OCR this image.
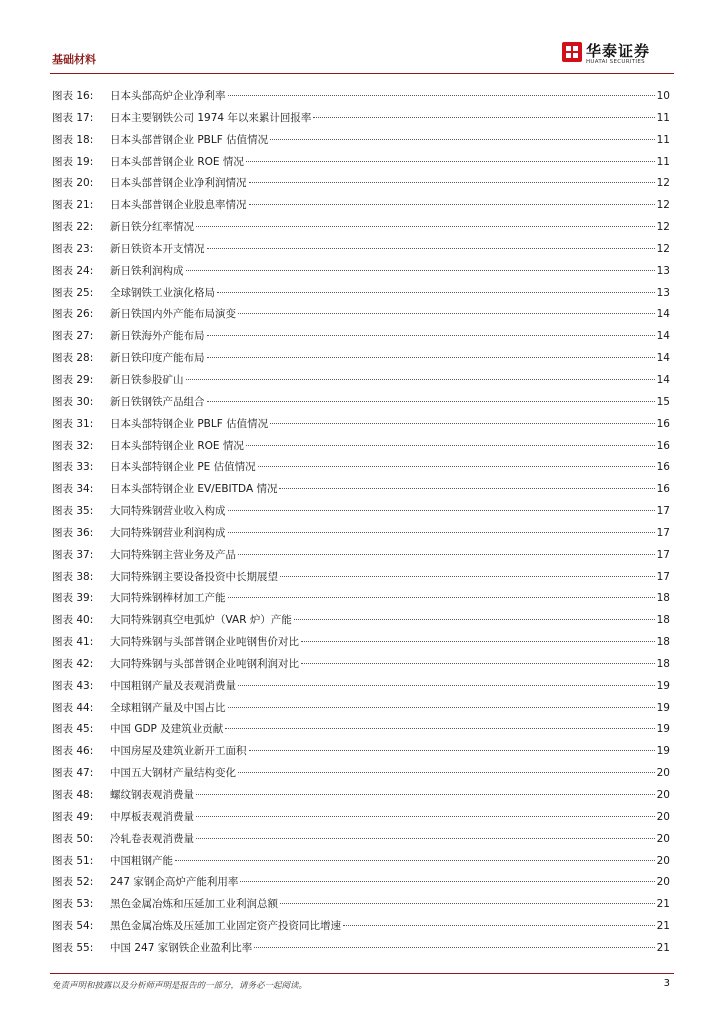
基础材料	华泰证券
HUATAI SECURITIES
图表 16:	日本头部高炉企业净利率	10
图表 17:	日本主要钢铁公司 1974 年以来累计回报率	11
图表 18:	日本头部普钢企业 PBLF 估值情况	11
图表 19:	日本头部普钢企业 ROE 情况	11
图表 20:	日本头部普钢企业净利润情况	12
图表 21:	日本头部普钢企业股息率情况	12
图表 22:	新日铁分红率情况	12
图表 23:	新日铁资本开支情况	12
图表 24:	新日铁利润构成	13
图表 25:	全球钢铁工业演化格局	13
图表 26:	新日铁国内外产能布局演变	14
图表 27:	新日铁海外产能布局	14
图表 28:	新日铁印度产能布局	14
图表 29:	新日铁参股矿山	14
图表 30:	新日铁钢铁产品组合	15
图表 31:	日本头部特钢企业 PBLF 估值情况	16
图表 32:	日本头部特钢企业 ROE 情况	16
图表 33:	日本头部特钢企业 PE 估值情况	16
图表 34:	日本头部特钢企业 EV/EBITDA 情况	16
图表 35:	大同特殊钢营业收入构成	17
图表 36:	大同特殊钢营业利润构成	17
图表 37:	大同特殊钢主营业务及产品	17
图表 38:	大同特殊钢主要设备投资中长期展望	17
图表 39:	大同特殊钢棒材加工产能	18
图表 40:	大同特殊钢真空电弧炉（VAR 炉）产能	18
图表 41:	大同特殊钢与头部普钢企业吨钢售价对比	18
图表 42:	大同特殊钢与头部普钢企业吨钢利润对比	18
图表 43:	中国粗钢产量及表观消费量	19
图表 44:	全球粗钢产量及中国占比	19
图表 45:	中国 GDP 及建筑业贡献	19
图表 46:	中国房屋及建筑业新开工面积	19
图表 47:	中国五大钢材产量结构变化	20
图表 48:	螺纹钢表观消费量	20
图表 49:	中厚板表观消费量	20
图表 50:	冷轧卷表观消费量	20
图表 51:	中国粗钢产能	20
图表 52:	247 家钢企高炉产能利用率	20
图表 53:	黑色金属冶炼和压延加工业利润总额	21
图表 54:	黑色金属冶炼及压延加工业固定资产投资同比增速	21
图表 55:	中国 247 家钢铁企业盈利比率	21
免责声明和披露以及分析师声明是报告的一部分，请务必一起阅读。	3
